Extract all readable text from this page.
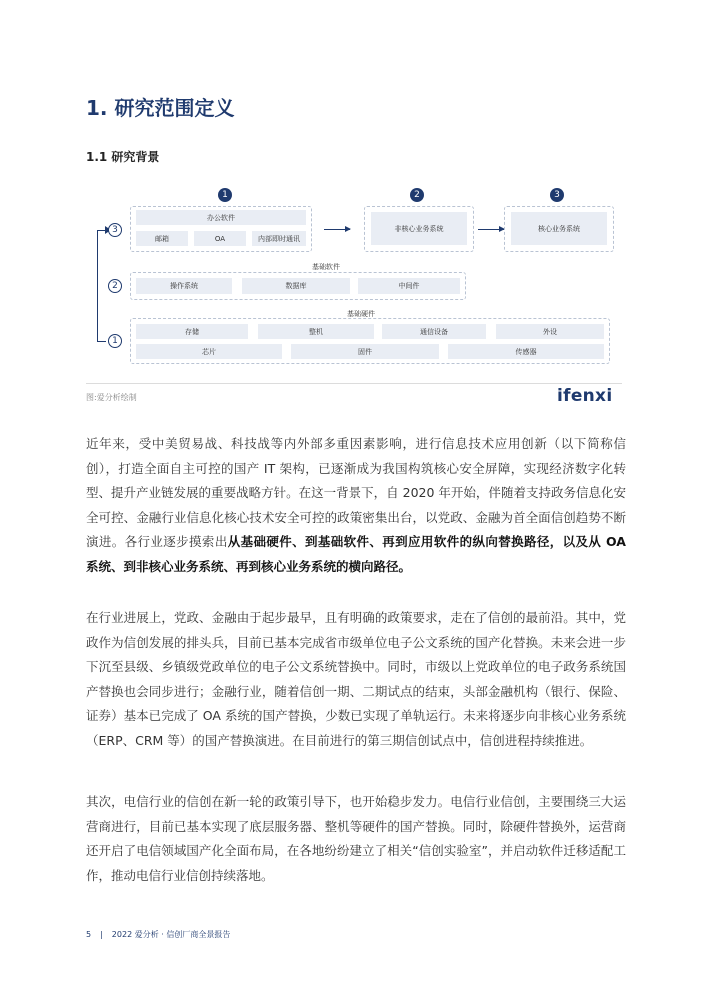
1. 研究范围定义
1.1 研究背景
1	2	3
办公软件
邮箱	OA	内部即时通讯
非核心业务系统	核心业务系统
基础软件
操作系统	数据库	中间件
基础硬件
存储	整机	通信设备	外设
芯片	固件	传感器
3
2
1
图:爱分析绘制	ifenxi

近年来，受中美贸易战、科技战等内外部多重因素影响，进行信息技术应用创新（以下简称信创），打造全面自主可控的国产 IT 架构，已逐渐成为我国构筑核心安全屏障，实现经济数字化转型、提升产业链发展的重要战略方针。在这一背景下，自 2020 年开始，伴随着支持政务信息化安全可控、金融行业信息化核心技术安全可控的政策密集出台，以党政、金融为首全面信创趋势不断演进。各行业逐步摸索出从基础硬件、到基础软件、再到应用软件的纵向替换路径，以及从 OA 系统、到非核心业务系统、再到核心业务系统的横向路径。

在行业进展上，党政、金融由于起步最早，且有明确的政策要求，走在了信创的最前沿。其中，党政作为信创发展的排头兵，目前已基本完成省市级单位电子公文系统的国产化替换。未来会进一步下沉至县级、乡镇级党政单位的电子公文系统替换中。同时，市级以上党政单位的电子政务系统国产替换也会同步进行；金融行业，随着信创一期、二期试点的结束，头部金融机构（银行、保险、证券）基本已完成了 OA 系统的国产替换，少数已实现了单轨运行。未来将逐步向非核心业务系统（ERP、CRM 等）的国产替换演进。在目前进行的第三期信创试点中，信创进程持续推进。

其次，电信行业的信创在新一轮的政策引导下，也开始稳步发力。电信行业信创，主要围绕三大运营商进行，目前已基本实现了底层服务器、整机等硬件的国产替换。同时，除硬件替换外，运营商还开启了电信领域国产化全面布局，在各地纷纷建立了相关“信创实验室”，并启动软件迁移适配工作，推动电信行业信创持续落地。

5 | 2022 爱分析 · 信创厂商全景报告
